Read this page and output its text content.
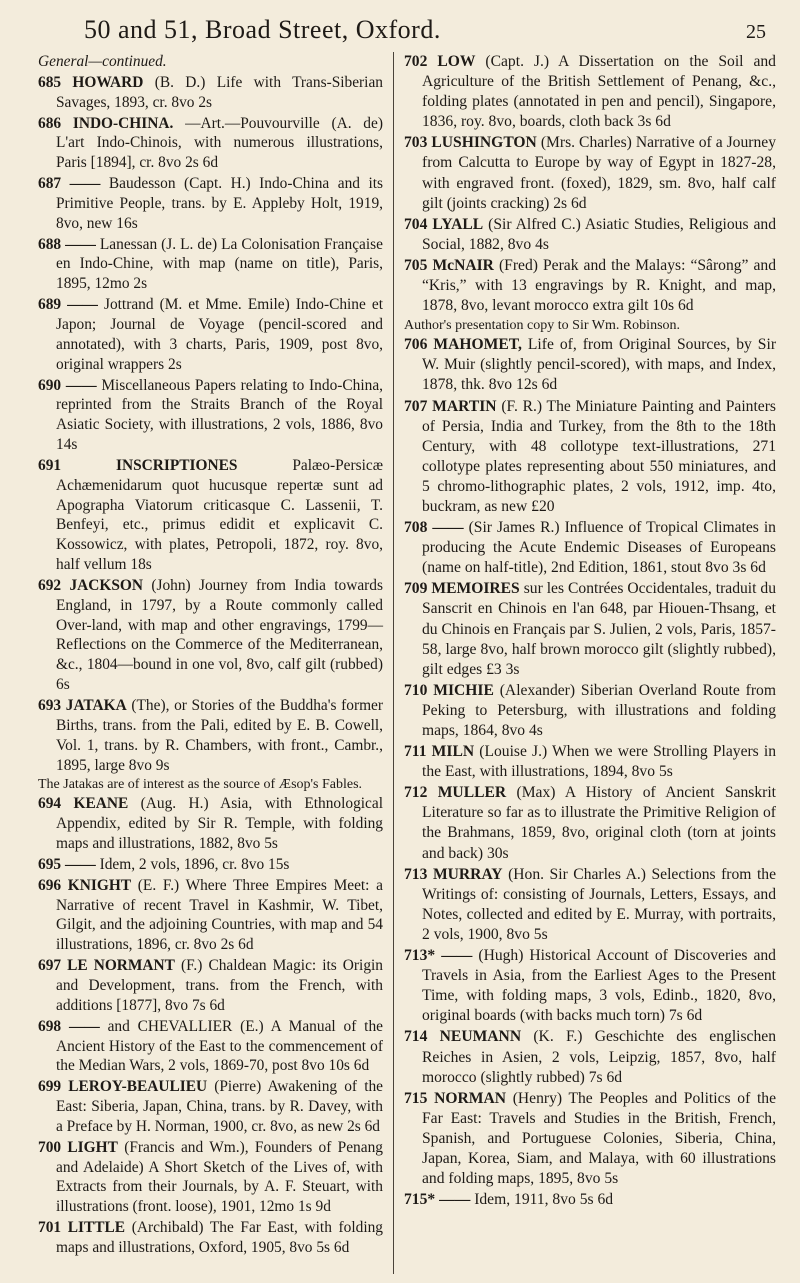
50 and 51, Broad Street, Oxford.	25
General—continued.
685 HOWARD (B. D.) Life with Trans-Siberian Savages, 1893, cr. 8vo 2s
686 INDO-CHINA. —Art.—Pouvourville (A. de) L'art Indo-Chinois, with numerous illustrations, Paris [1894], cr. 8vo 2s 6d
687 —— Baudesson (Capt. H.) Indo-China and its Primitive People, trans. by E. Appleby Holt, 1919, 8vo, new 16s
688 —— Lanessan (J. L. de) La Colonisation Française en Indo-Chine, with map (name on title), Paris, 1895, 12mo 2s
689 —— Jottrand (M. et Mme. Emile) Indo-Chine et Japon; Journal de Voyage (pencil-scored and annotated), with 3 charts, Paris, 1909, post 8vo, original wrappers 2s
690 —— Miscellaneous Papers relating to Indo-China, reprinted from the Straits Branch of the Royal Asiatic Society, with illustrations, 2 vols, 1886, 8vo 14s
691	INSCRIPTIONES	Palæo-Persicæ Achæmenidarum quot hucusque repertæ sunt ad Apographa Viatorum criticasque C. Lassenii, T. Benfeyi, etc., primus edidit et explicavit C. Kossowicz, with plates, Petropoli, 1872, roy. 8vo, half vellum 18s
692 JACKSON (John) Journey from India towards England, in 1797, by a Route commonly called Over-land, with map and other engravings, 1799—Reflections on the Commerce of the Mediterranean, &c., 1804—bound in one vol, 8vo, calf gilt (rubbed) 6s
693 JATAKA (The), or Stories of the Buddha's former Births, trans. from the Pali, edited by E. B. Cowell, Vol. 1, trans. by R. Chambers, with front., Cambr., 1895, large 8vo 9s
The Jatakas are of interest as the source of Æsop's Fables.
694 KEANE (Aug. H.) Asia, with Ethnological Appendix, edited by Sir R. Temple, with folding maps and illustrations, 1882, 8vo 5s
695 —— Idem, 2 vols, 1896, cr. 8vo 15s
696 KNIGHT (E. F.) Where Three Empires Meet: a Narrative of recent Travel in Kashmir, W. Tibet, Gilgit, and the adjoining Countries, with map and 54 illustrations, 1896, cr. 8vo 2s 6d
697 LE NORMANT (F.) Chaldean Magic: its Origin and Development, trans. from the French, with additions [1877], 8vo 7s 6d
698 —— and CHEVALLIER (E.) A Manual of the Ancient History of the East to the commencement of the Median Wars, 2 vols, 1869-70, post 8vo 10s 6d
699 LEROY-BEAULIEU (Pierre) Awakening of the East: Siberia, Japan, China, trans. by R. Davey, with a Preface by H. Norman, 1900, cr. 8vo, as new 2s 6d
700 LIGHT (Francis and Wm.), Founders of Penang and Adelaide) A Short Sketch of the Lives of, with Extracts from their Journals, by A. F. Steuart, with illustrations (front. loose), 1901, 12mo 1s 9d
701 LITTLE (Archibald) The Far East, with folding maps and illustrations, Oxford, 1905, 8vo 5s 6d
702 LOW (Capt. J.) A Dissertation on the Soil and Agriculture of the British Settlement of Penang, &c., folding plates (annotated in pen and pencil), Singapore, 1836, roy. 8vo, boards, cloth back 3s 6d
703 LUSHINGTON (Mrs. Charles) Narrative of a Journey from Calcutta to Europe by way of Egypt in 1827-28, with engraved front. (foxed), 1829, sm. 8vo, half calf gilt (joints cracking) 2s 6d
704 LYALL (Sir Alfred C.) Asiatic Studies, Religious and Social, 1882, 8vo 4s
705 McNAIR (Fred) Perak and the Malays: “Sârong” and “Kris,” with 13 engravings by R. Knight, and map, 1878, 8vo, levant morocco extra gilt 10s 6d
Author's presentation copy to Sir Wm. Robinson.
706 MAHOMET, Life of, from Original Sources, by Sir W. Muir (slightly pencil-scored), with maps, and Index, 1878, thk. 8vo 12s 6d
707 MARTIN (F. R.) The Miniature Painting and Painters of Persia, India and Turkey, from the 8th to the 18th Century, with 48 collotype text-illustrations, 271 collotype plates representing about 550 miniatures, and 5 chromo-lithographic plates, 2 vols, 1912, imp. 4to, buckram, as new £20
708 —— (Sir James R.) Influence of Tropical Climates in producing the Acute Endemic Diseases of Europeans (name on half-title), 2nd Edition, 1861, stout 8vo 3s 6d
709 MEMOIRES sur les Contrées Occidentales, traduit du Sanscrit en Chinois en l'an 648, par Hiouen-Thsang, et du Chinois en Français par S. Julien, 2 vols, Paris, 1857-58, large 8vo, half brown morocco gilt (slightly rubbed), gilt edges £3 3s
710 MICHIE (Alexander) Siberian Overland Route from Peking to Petersburg, with illustrations and folding maps, 1864, 8vo 4s
711 MILN (Louise J.) When we were Strolling Players in the East, with illustrations, 1894, 8vo 5s
712 MULLER (Max) A History of Ancient Sanskrit Literature so far as to illustrate the Primitive Religion of the Brahmans, 1859, 8vo, original cloth (torn at joints and back) 30s
713 MURRAY (Hon. Sir Charles A.) Selections from the Writings of: consisting of Journals, Letters, Essays, and Notes, collected and edited by E. Murray, with portraits, 2 vols, 1900, 8vo 5s
713* —— (Hugh) Historical Account of Discoveries and Travels in Asia, from the Earliest Ages to the Present Time, with folding maps, 3 vols, Edinb., 1820, 8vo, original boards (with backs much torn) 7s 6d
714 NEUMANN (K. F.) Geschichte des englischen Reiches in Asien, 2 vols, Leipzig, 1857, 8vo, half morocco (slightly rubbed) 7s 6d
715 NORMAN (Henry) The Peoples and Politics of the Far East: Travels and Studies in the British, French, Spanish, and Portuguese Colonies, Siberia, China, Japan, Korea, Siam, and Malaya, with 60 illustrations and folding maps, 1895, 8vo 5s
715* —— Idem, 1911, 8vo 5s 6d
